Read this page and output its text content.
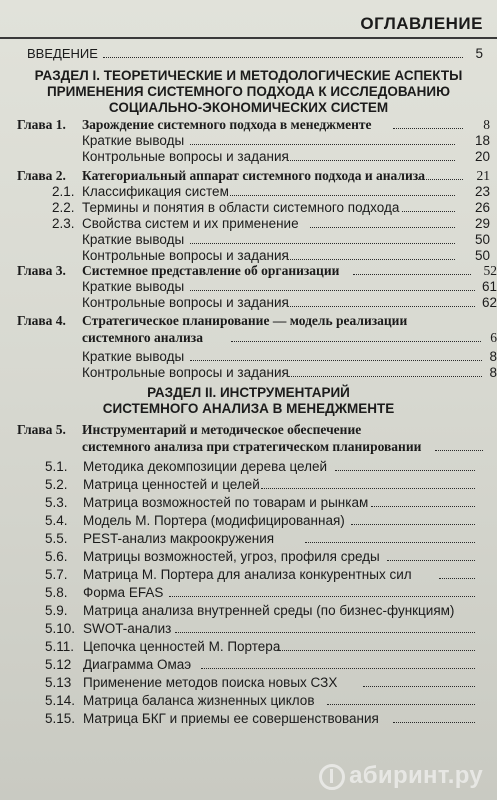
ОГЛАВЛЕНИЕ
ВВЕДЕНИЕ	5
РАЗДЕЛ I. ТЕОРЕТИЧЕСКИЕ И МЕТОДОЛОГИЧЕСКИЕ АСПЕКТЫ
ПРИМЕНЕНИЯ СИСТЕМНОГО ПОДХОДА К ИССЛЕДОВАНИЮ
СОЦИАЛЬНО-ЭКОНОМИЧЕСКИХ СИСТЕМ
Глава 1. Зарождение системного подхода в менеджменте	8
Краткие выводы	18
Контрольные вопросы и задания	20
Глава 2. Категориальный аппарат системного подхода и анализа	21
2.1. Классификация систем	23
2.2. Термины и понятия в области системного подхода	26
2.3. Свойства систем и их применение	29
Краткие выводы	50
Контрольные вопросы и задания	50
Глава 3. Системное представление об организации	52
Краткие выводы	61
Контрольные вопросы и задания	62
Глава 4. Стратегическое планирование — модель реализации
системного анализа	6
Краткие выводы	8
Контрольные вопросы и задания	8
РАЗДЕЛ II. ИНСТРУМЕНТАРИЙ
СИСТЕМНОГО АНАЛИЗА В МЕНЕДЖМЕНТЕ
Глава 5. Инструментарий и методическое обеспечение
системного анализа при стратегическом планировании
5.1. Методика декомпозиции дерева целей
5.2. Матрица ценностей и целей
5.3. Матрица возможностей по товарам и рынкам
5.4. Модель М. Портера (модифицированная)
5.5. PEST-анализ макроокружения
5.6. Матрицы возможностей, угроз, профиля среды
5.7. Матрица М. Портера для анализа конкурентных сил
5.8. Форма EFAS
5.9. Матрица анализа внутренней среды (по бизнес-функциям)
5.10. SWOT-анализ
5.11. Цепочка ценностей М. Портера
5.12 Диаграмма Омаэ
5.13 Применение методов поиска новых СЗХ
5.14. Матрица баланса жизненных циклов
5.15. Матрица БКГ и приемы ее совершенствования
абиринт.ру
